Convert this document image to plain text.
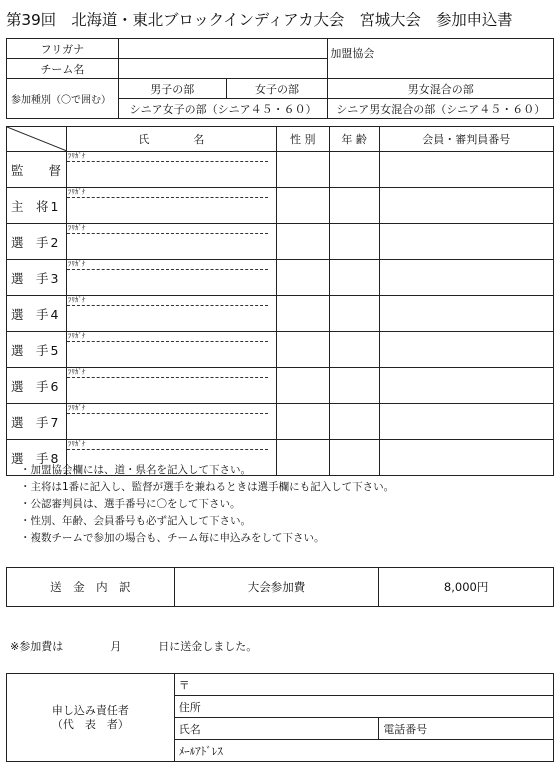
第39回　北海道・東北ブロックインディアカ大会　宮城大会　参加申込書
フリガナ			加盟協会
チーム名			
参加種別（〇で囲む）	男子の部	女子の部	男女混合の部
	シニア女子の部（シニア４５・６０）		シニア男女混合の部（シニア４５・６０）
	氏　　　　名	性 別	年 齢	会員・審判員番号
監　　督	ﾌﾘｶﾞﾅ			

主　将 1	ﾌﾘｶﾞﾅ			

選　手 2	ﾌﾘｶﾞﾅ			

選　手 3	ﾌﾘｶﾞﾅ			

選　手 4	ﾌﾘｶﾞﾅ			

選　手 5	ﾌﾘｶﾞﾅ			

選　手 6	ﾌﾘｶﾞﾅ			

選　手 7	ﾌﾘｶﾞﾅ			

選　手 8	ﾌﾘｶﾞﾅ			

・加盟協会欄には、道・県名を記入して下さい。
・主将は1番に記入し、監督が選手を兼ねるときは選手欄にも記入して下さい。
・公認審判員は、選手番号に〇をして下さい。
・性別、年齢、会員番号も必ず記入して下さい。
・複数チームで参加の場合も、チーム毎に申込みをして下さい。
送　金　内　訳	大会参加費	8,000円
※参加費は	月	日に送金しました。
申し込み責任者
（代　表　者）	〒	
	住所	
	氏名	電話番号
	ﾒｰﾙｱﾄﾞﾚｽ	
